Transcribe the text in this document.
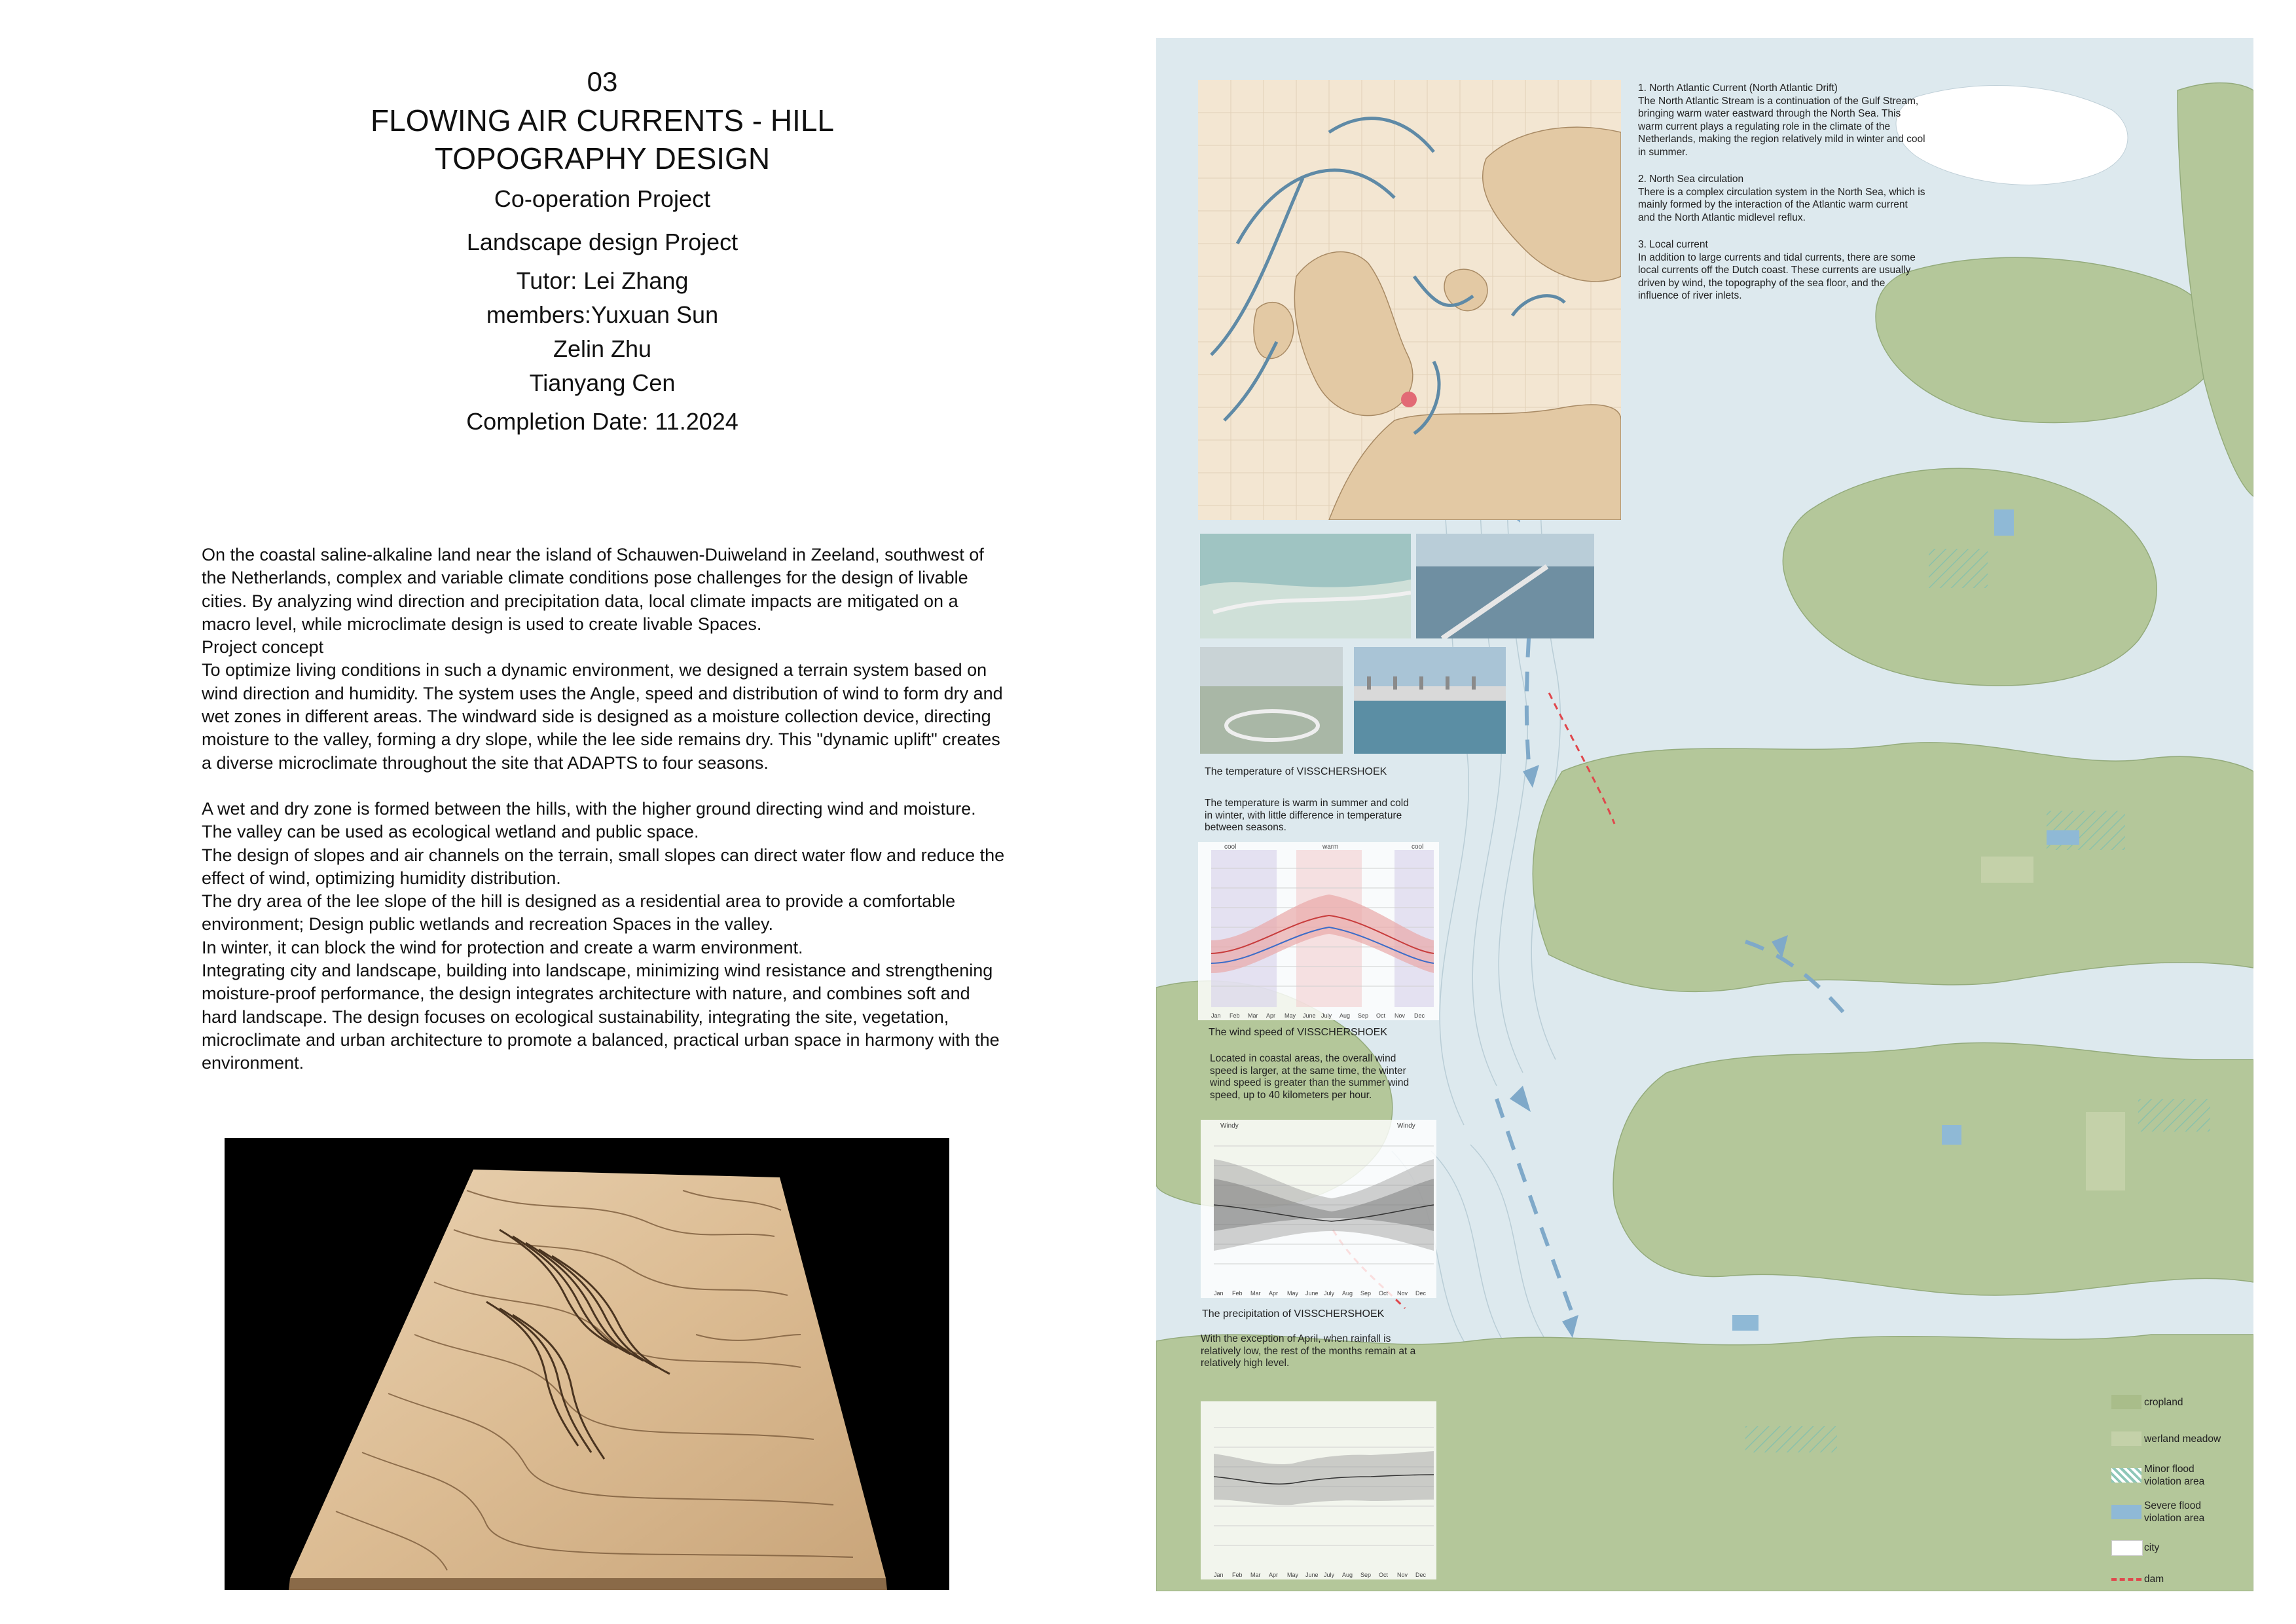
03
FLOWING AIR CURRENTS - HILL
TOPOGRAPHY DESIGN
Co-operation Project
Landscape design Project
Tutor: Lei Zhang
members:Yuxuan Sun
Zelin Zhu
Tianyang Cen
Completion Date: 11.2024

On the coastal saline-alkaline land near the island of Schauwen-Duiweland in Zeeland, southwest of the Netherlands, complex and variable climate conditions pose challenges for the design of livable cities. By analyzing wind direction and precipitation data, local climate impacts are mitigated on a macro level, while microclimate design is used to create livable Spaces.

Project concept

To optimize living conditions in such a dynamic environment, we designed a terrain system based on wind direction and humidity. The system uses the Angle, speed and distribution of wind to form dry and wet zones in different areas. The windward side is designed as a moisture collection device, directing moisture to the valley, forming a dry slope, while the lee side remains dry. This "dynamic uplift" creates a diverse microclimate throughout the site that ADAPTS to four seasons.

A wet and dry zone is formed between the hills, with the higher ground directing wind and moisture. The valley can be used as ecological wetland and public space.

The design of slopes and air channels on the terrain, small slopes can direct water flow and reduce the effect of wind, optimizing humidity distribution.

The dry area of the lee slope of the hill is designed as a residential area to provide a comfortable environment; Design public wetlands and recreation Spaces in the valley.

In winter, it can block the wind for protection and create a warm environment.

Integrating city and landscape, building into landscape, minimizing wind resistance and strengthening moisture-proof performance, the design integrates architecture with nature, and combines soft and hard landscape. The design focuses on ecological sustainability, integrating the site, vegetation, microclimate and urban architecture to promote a balanced, practical urban space in harmony with the environment.

1. North Atlantic Current (North Atlantic Drift)
The North Atlantic Stream is a continuation of the Gulf Stream, bringing warm water eastward through the North Sea. This warm current plays a regulating role in the climate of the Netherlands, making the region relatively mild in winter and cool in summer.

2. North Sea circulation
There is a complex circulation system in the North Sea, which is mainly formed by the interaction of the Atlantic warm current and the North Atlantic midlevel reflux.

3. Local current
In addition to large currents and tidal currents, there are some local currents off the Dutch coast. These currents are usually driven by wind, the topography of the sea floor, and the influence of river inlets.

The temperature of VISSCHERSHOEK
The temperature is warm in summer and cold in winter, with little difference in temperature between seasons.
cool	warm	cool
Jan Feb Mar Apr May June July Aug Sep Oct Nov Dec
The wind speed of VISSCHERSHOEK
Located in coastal areas, the overall wind speed is larger, at the same time, the winter wind speed is greater than the summer wind speed, up to 40 kilometers per hour.
Windy	Windy
Jan Feb Mar Apr May June July Aug Sep Oct Nov Dec
The precipitation of VISSCHERSHOEK
With the exception of April, when rainfall is relatively low, the rest of the months remain at a relatively high level.
Jan Feb Mar Apr May June July Aug Sep Oct Nov Dec
cropland
werland meadow
Minor flood
violation area
Severe flood
violation area
city
dam
